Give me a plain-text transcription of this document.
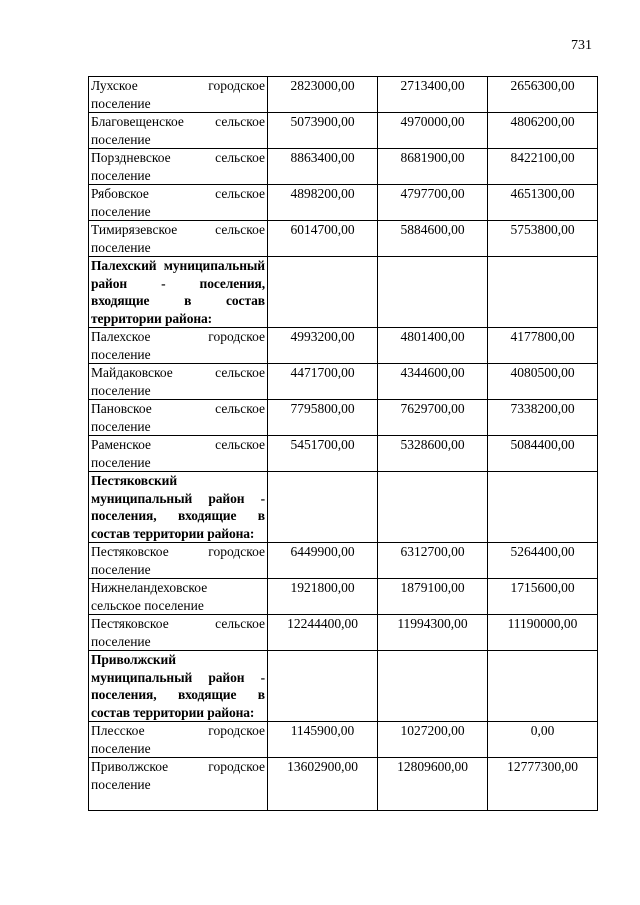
731
Лухское городское
поселение	2823000,00	2713400,00	2656300,00

Благовещенское сельское
поселение	5073900,00	4970000,00	4806200,00

Порздневское сельское
поселение	8863400,00	8681900,00	8422100,00

Рябовское сельское
поселение	4898200,00	4797700,00	4651300,00

Тимирязевское сельское
поселение	6014700,00	5884600,00	5753800,00
Палехский муниципальный район - поселения, входящие в состав территории района:			

Палехское городское
поселение	4993200,00	4801400,00	4177800,00

Майдаковское сельское
поселение	4471700,00	4344600,00	4080500,00

Пановское сельское
поселение	7795800,00	7629700,00	7338200,00

Раменское сельское
поселение	5451700,00	5328600,00	5084400,00
Пестяковский муниципальный район - поселения, входящие в состав территории района:			

Пестяковское городское
поселение	6449900,00	6312700,00	5264400,00

Нижнеландеховское
сельское поселение	1921800,00	1879100,00	1715600,00

Пестяковское сельское
поселение	12244400,00	11994300,00	11190000,00
Приволжский муниципальный район - поселения, входящие в состав территории района:			

Плесское городское
поселение	1145900,00	1027200,00	0,00

Приволжское городское
поселение	13602900,00	12809600,00	12777300,00
